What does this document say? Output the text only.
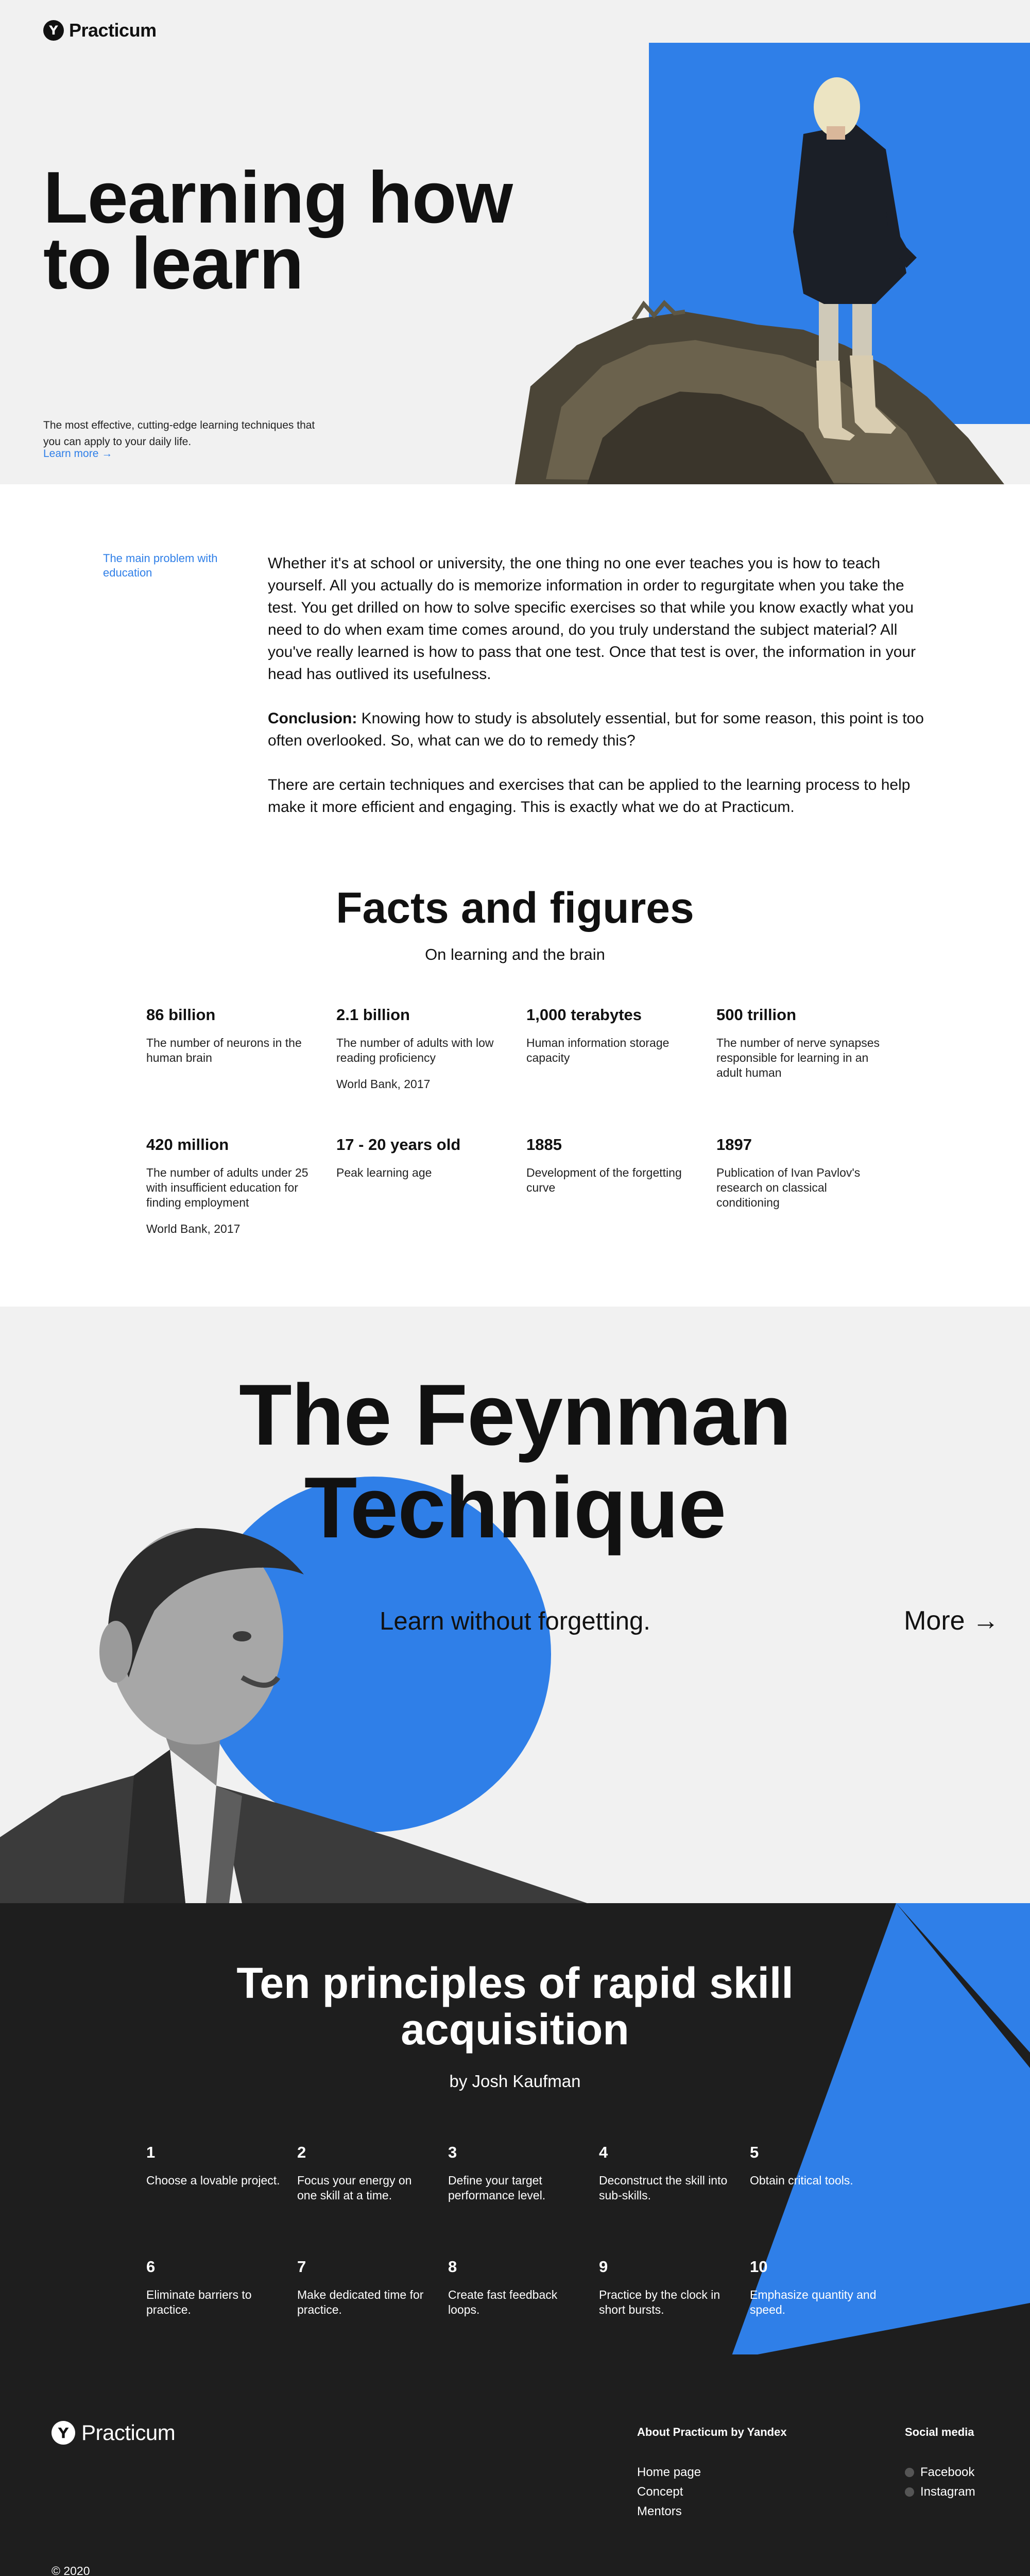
Y Practicum
Learning how
to learn

The most effective, cutting-edge learning techniques that you can apply to your daily life.

Learn more →
The main problem with education

Whether it's at school or university, the one thing no one ever teaches you is how to teach yourself. All you actually do is memorize information in order to regurgitate when you take the test. You get drilled on how to solve specific exercises so that while you know exactly what you need to do when exam time comes around, do you truly understand the subject material? All you've really learned is how to pass that one test. Once that test is over, the information in your head has outlived its usefulness.

Conclusion: Knowing how to study is absolutely essential, but for some reason, this point is too often overlooked. So, what can we do to remedy this?

There are certain techniques and exercises that can be applied to the learning process to help make it more efficient and engaging. This is exactly what we do at Practicum.

Facts and figures
On learning and the brain
86 billion

The number of neurons in the human brain

2.1 billion

The number of adults with low reading proficiency

World Bank, 2017

1,000 terabytes

Human information storage capacity

500 trillion

The number of nerve synapses responsible for learning in an adult human

420 million

The number of adults under 25 with insufficient education for finding employment

World Bank, 2017

17 - 20 years old

Peak learning age

1885

Development of the forgetting curve

1897

Publication of Ivan Pavlov's research on classical conditioning

The Feynman
Technique
Learn without forgetting.	More →
Ten principles of rapid skill
acquisition
by Josh Kaufman
1

Choose a lovable project.

2

Focus your energy on one skill at a time.

3

Define your target performance level.

4

Deconstruct the skill into sub-skills.

5

Obtain critical tools.

6

Eliminate barriers to practice.

7

Make dedicated time for practice.

8

Create fast feedback loops.

9

Practice by the clock in short bursts.

10

Emphasize quantity and speed.

Y Practicum	About Practicum by Yandex
Home page
Concept
Mentors
Social media
Facebook
Instagram
© 2020
